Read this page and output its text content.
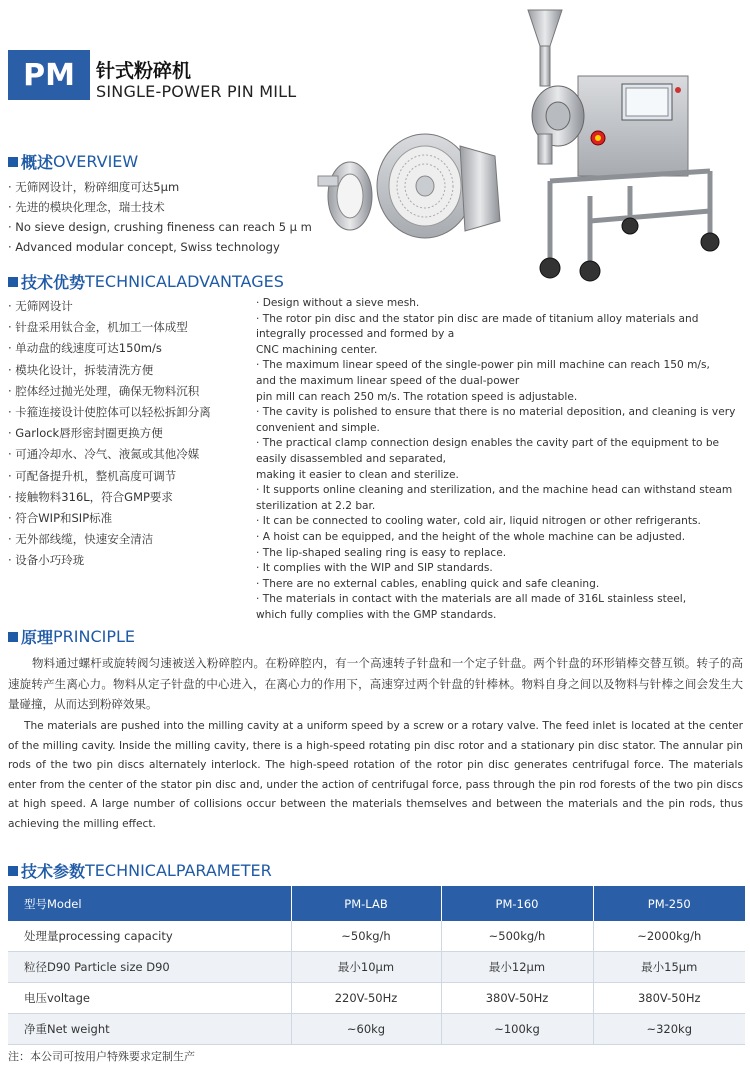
PM	针式粉碎机
SINGLE-POWER PIN MILL
概述 OVERVIEW
· 无筛网设计，粉碎细度可达5μm
· 先进的模块化理念，瑞士技术
· No sieve design, crushing fineness can reach 5 μ m
· Advanced modular concept, Swiss technology
技术优势 TECHNICALADVANTAGES
· 无筛网设计
· 针盘采用钛合金，机加工一体成型
· 单动盘的线速度可达150m/s
· 模块化设计，拆装清洗方便
· 腔体经过抛光处理，确保无物料沉积
· 卡箍连接设计使腔体可以轻松拆卸分离
· Garlock唇形密封圈更换方便
· 可通冷却水、冷气、液氮或其他冷媒
· 可配备提升机，整机高度可调节
· 接触物料316L，符合GMP要求
· 符合WIP和SIP标准
· 无外部线缆，快速安全清洁
· 设备小巧玲珑
· Design without a sieve mesh.
· The rotor pin disc and the stator pin disc are made of titanium alloy materials and
integrally processed and formed by a
CNC machining center.
· The maximum linear speed of the single-power pin mill machine can reach 150 m/s,
and the maximum linear speed of the dual-power
pin mill can reach 250 m/s. The rotation speed is adjustable.
· The cavity is polished to ensure that there is no material deposition, and cleaning is very
convenient and simple.
· The practical clamp connection design enables the cavity part of the equipment to be
easily disassembled and separated,
making it easier to clean and sterilize.
· It supports online cleaning and sterilization, and the machine head can withstand steam
sterilization at 2.2 bar.
· It can be connected to cooling water, cold air, liquid nitrogen or other refrigerants.
· A hoist can be equipped, and the height of the whole machine can be adjusted.
· The lip-shaped sealing ring is easy to replace.
· It complies with the WIP and SIP standards.
· There are no external cables, enabling quick and safe cleaning.
· The materials in contact with the materials are all made of 316L stainless steel,
which fully complies with the GMP standards.
原理 PRINCIPLE
物料通过螺杆或旋转阀匀速被送入粉碎腔内。在粉碎腔内，有一个高速转子针盘和一个定子针盘。两个针盘的环形销棒交替互锁。转子的高速旋转产生离心力。物料从定子针盘的中心进入，在离心力的作用下，高速穿过两个针盘的针棒林。物料自身之间以及物料与针棒之间会发生大量碰撞，从而达到粉碎效果。
The materials are pushed into the milling cavity at a uniform speed by a screw or a rotary valve. The feed inlet is located at the center of the milling cavity. Inside the milling cavity, there is a high-speed rotating pin disc rotor and a stationary pin disc stator. The annular pin rods of the two pin discs alternately interlock. The high-speed rotation of the rotor pin disc generates centrifugal force. The materials enter from the center of the stator pin disc and, under the action of centrifugal force, pass through the pin rod forests of the two pin discs at high speed. A large number of collisions occur between the materials themselves and between the materials and the pin rods, thus achieving the milling effect.
技术参数 TECHNICALPARAMETER
型号Model	PM-LAB	PM-160	PM-250
处理量processing capacity	~50kg/h	~500kg/h	~2000kg/h
粒径D90 Particle size D90	最小10μm	最小12μm	最小15μm
电压voltage	220V-50Hz	380V-50Hz	380V-50Hz
净重Net weight	~60kg	~100kg	~320kg
注：本公司可按用户特殊要求定制生产
